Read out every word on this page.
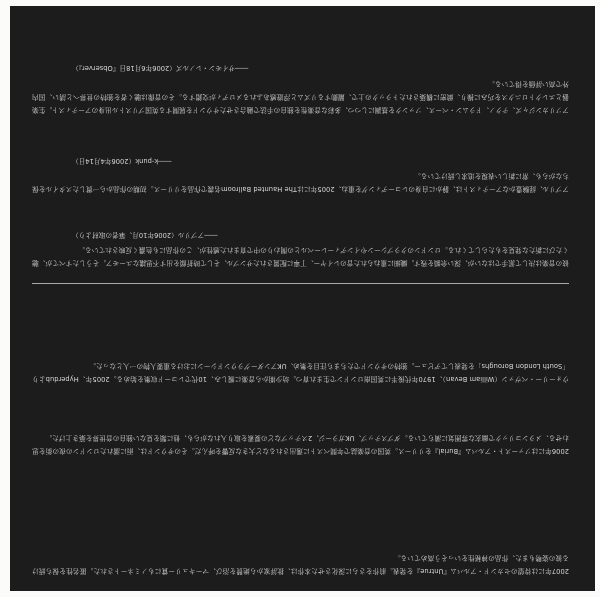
2007年には待望のセカンド・アルバム『Untrue』を発表。前作をさらに深化させた本作は、批評家から絶賛を浴び、マーキュリー賞にもノミネートされた。匿名性を保ち続ける彼の姿勢もまた、作品の神秘性をいっそう高めている。

2006年にはファースト・アルバム『Burial』をリリース。英国の音楽誌で年間ベストに選出されるなど大きな反響を呼んだ。そのサウンドは、雨に濡れたロンドンの夜の街を思わせる、メランコリックで幽玄な雰囲気に満ちている。ダブステップ、UKガラージ、2ステップなどの要素を取り入れながらも、他に類を見ない独自の音世界を築き上げた。

ウォーリー・ベヴァン（William Bevan）、1970年代後半に英国南ロンドンで生まれ育つ。幼少期から音楽に親しみ、10代でレコード収集を始める。2005年、Hyperdubより「South London Boroughs」を発表してデビュー。独特のサウンドでたちまち注目を集め、UKアンダーグラウンドシーンにおける重要人物の一人となった。

彼の音楽は決して派手ではないが、深い余韻を残す。繊細に重ねられた音のレイヤー、丁寧に配置されたサンプル、そして時折顔を出す不思議なユーモア。そうしたすべてが、聴くたびに新たな発見をもたらしてくれる。ロンドンのクラブシーンやインディーレーベルとの関わりの中で育まれた感性が、この作品にも色濃く反映されている。

――アブリル（2006年10月、筆者の取材より）

アブリル、経験豊かなアーティストは、静かに自身のレコーディングを重ね、2005年にはThe Haunted Ballroom名義で作品をリリース。初期の作品から一貫したスタイルを保ちながらも、常に新しい表現を追求し続けている。

――k-punk（2006年4月14日）

アフリカンジャズ、テクノ、ドラムン・ベース、ファンクを基調にしつつ、多彩な音楽性を独自の手法で融合させたサウンドを展開する英国ブリストル出身のアーティスト。生楽器とエレクトロニクスを巧みに操り、緻密に構築されたトラックの上で、躍動するリズムと浮遊感あふれるメロディが交錯する。その音像は聴く者を独特の世界へと誘い、国内外で高い評価を得ている。

――サイモン・レノルズ（2006年6月18日『Observer』）
